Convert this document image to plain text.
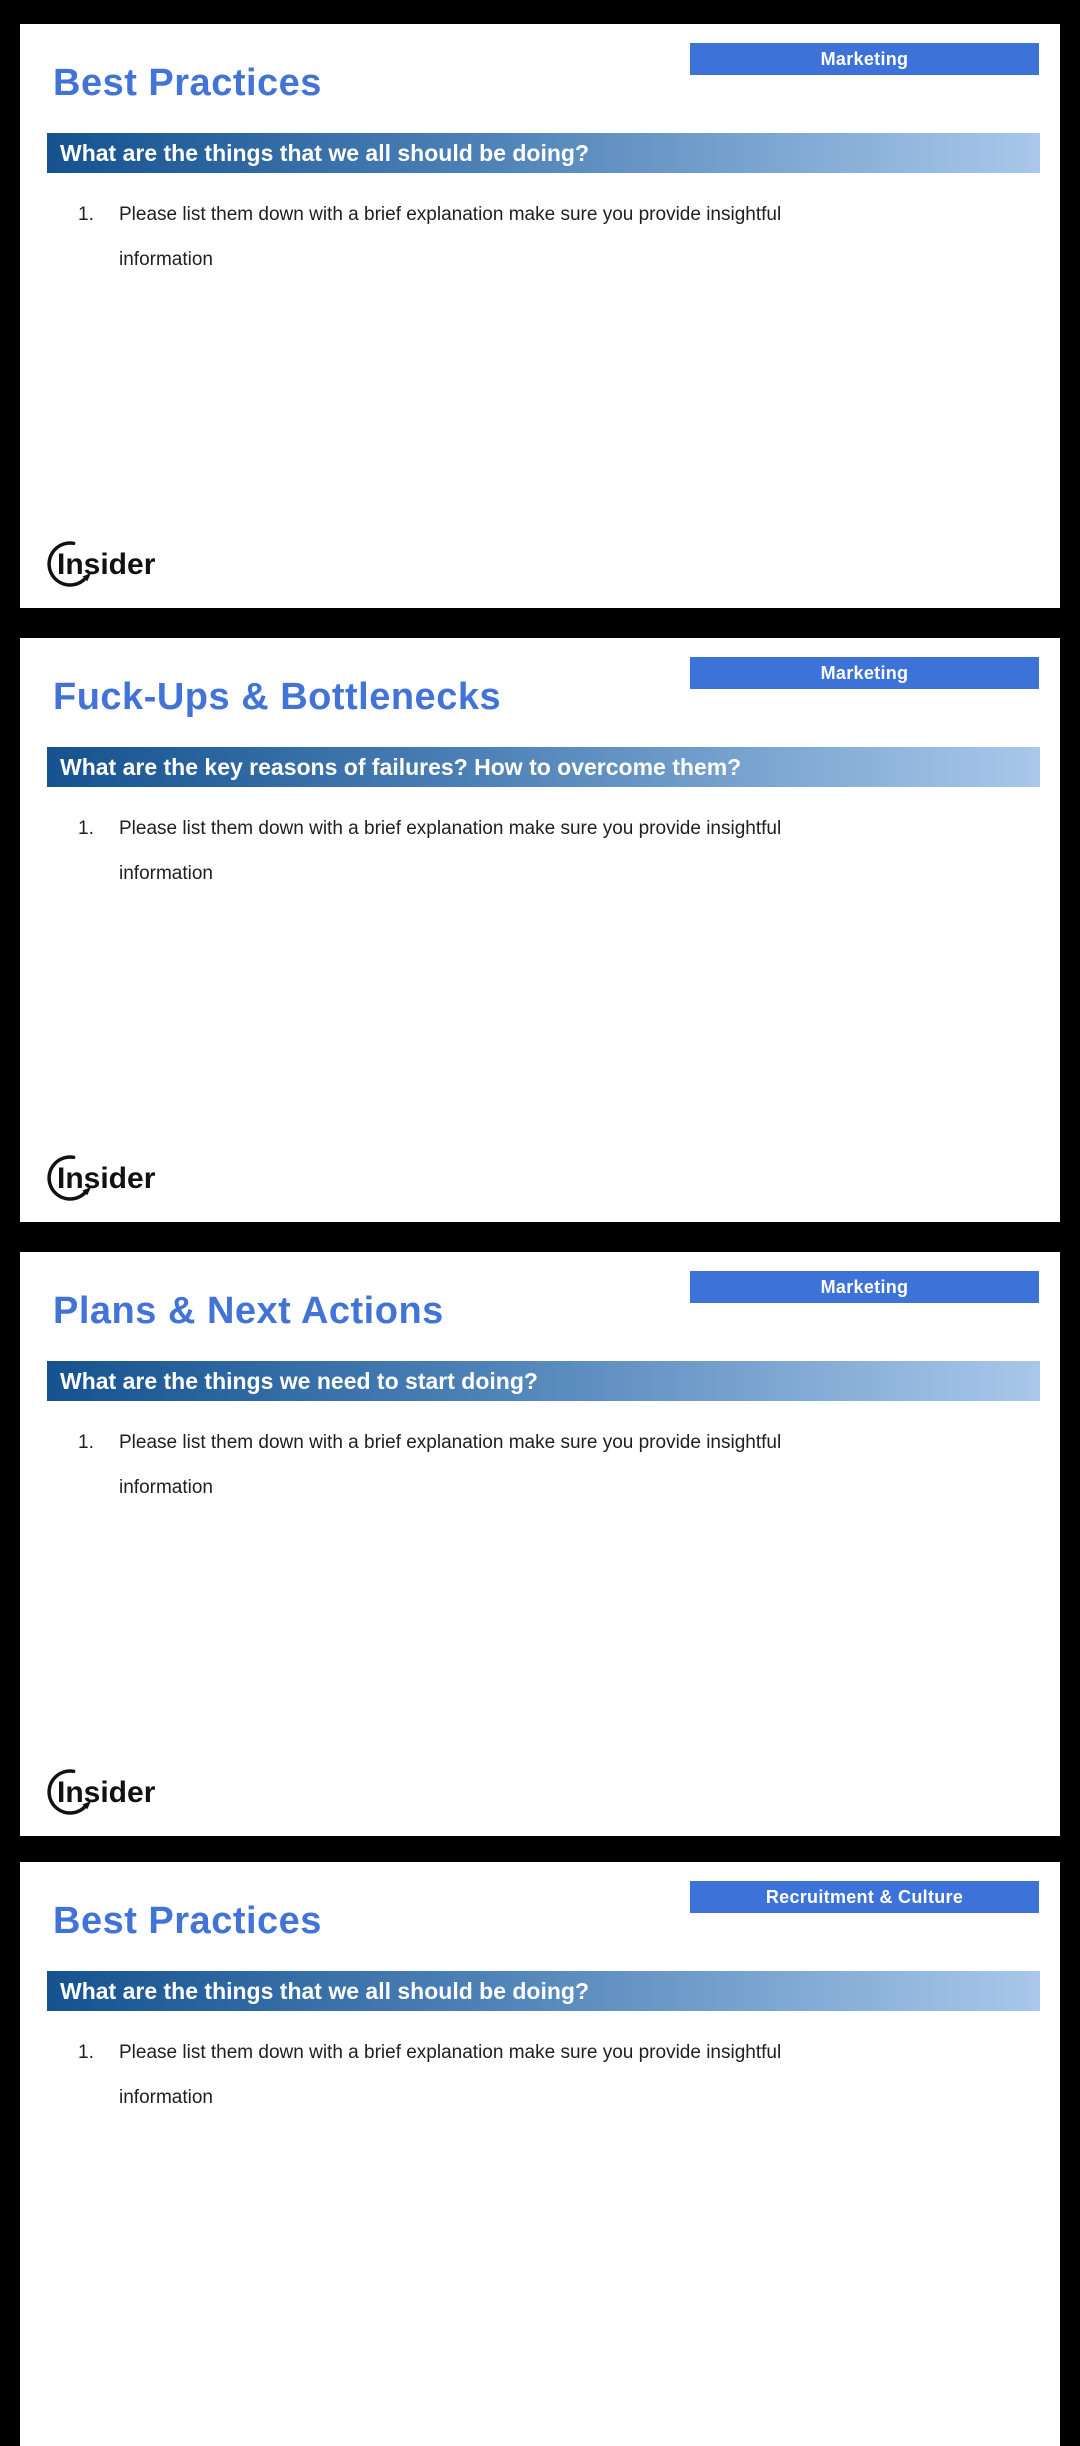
Best Practices
Marketing
What are the things that we all should be doing?
1.	Please list them down with a brief explanation make sure you provide insightful information

Insider
Fuck-Ups & Bottlenecks
Marketing
What are the key reasons of failures? How to overcome them?
1.	Please list them down with a brief explanation make sure you provide insightful information

Insider
Plans & Next Actions
Marketing
What are the things we need to start doing?
1.	Please list them down with a brief explanation make sure you provide insightful information

Insider
Best Practices
Recruitment & Culture
What are the things that we all should be doing?
1.	Please list them down with a brief explanation make sure you provide insightful information
